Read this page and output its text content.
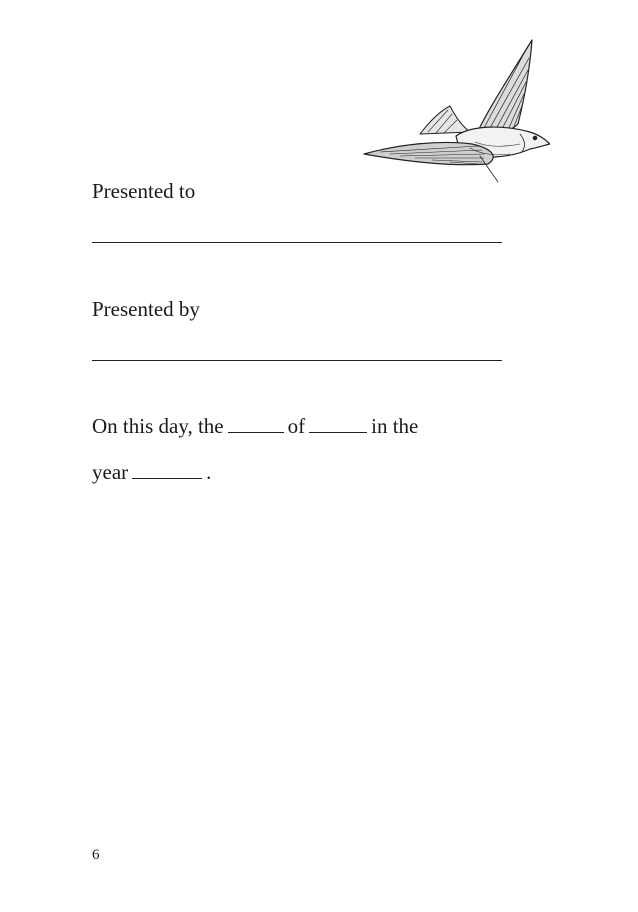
Presented to
Presented by
On this day, the	of	in the
year	.
6
